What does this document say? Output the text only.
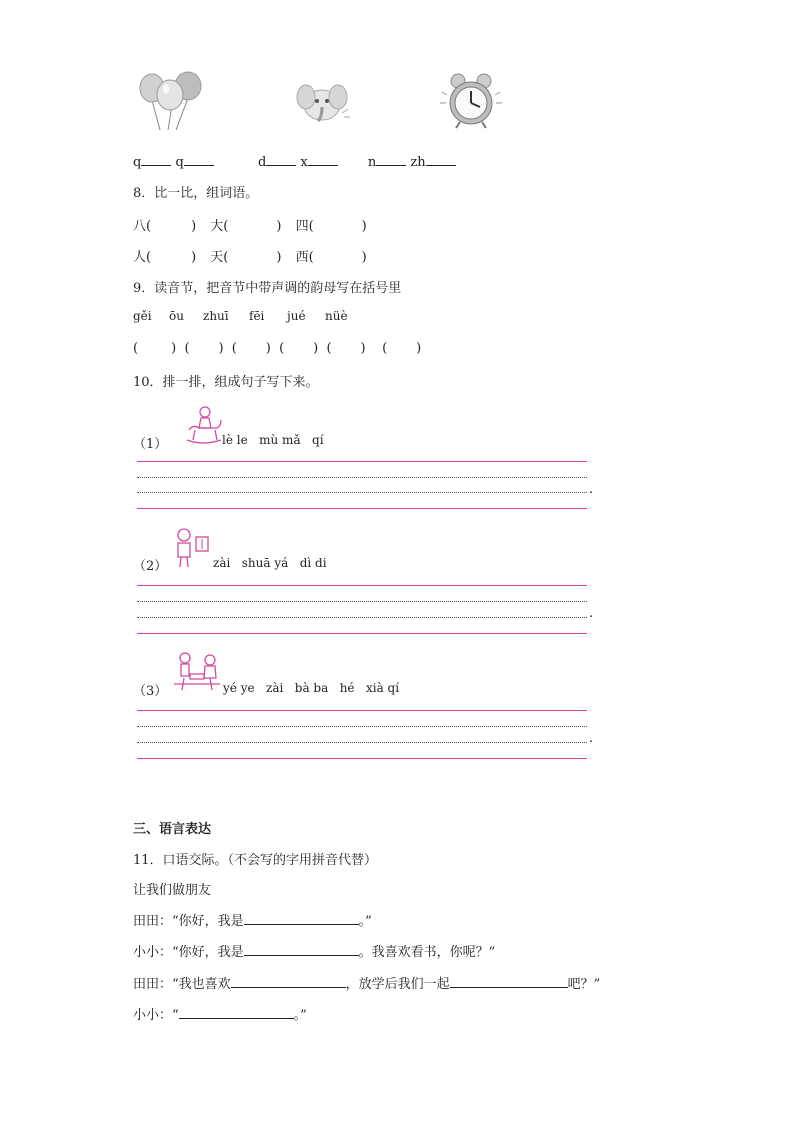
q	q	d	x	n	zh
8．比一比，组词语。
八(	) 大(	) 四(	)
人(	) 天(	) 西(	)
9．读音节，把音节中带声调的韵母写在括号里
gěi ōu zhuī fēi jué nüè
(        )  (       )  (       )  (       )  (       )    (       )
10．排一排，组成句子写下来。
（1）	lè le   mù mǎ   qí
.
（2）	zài   shuā yá   dì di
.
（3）	yé ye   zài   bà ba   hé   xià qí
.
三、语言表达
11．口语交际。（不会写的字用拼音代替）
让我们做朋友
田田：“你好，我是	。”
小小：“你好，我是	。我喜欢看书，你呢？”
田田：“我也喜欢	，放学后我们一起	吧？”
小小：“	。”
